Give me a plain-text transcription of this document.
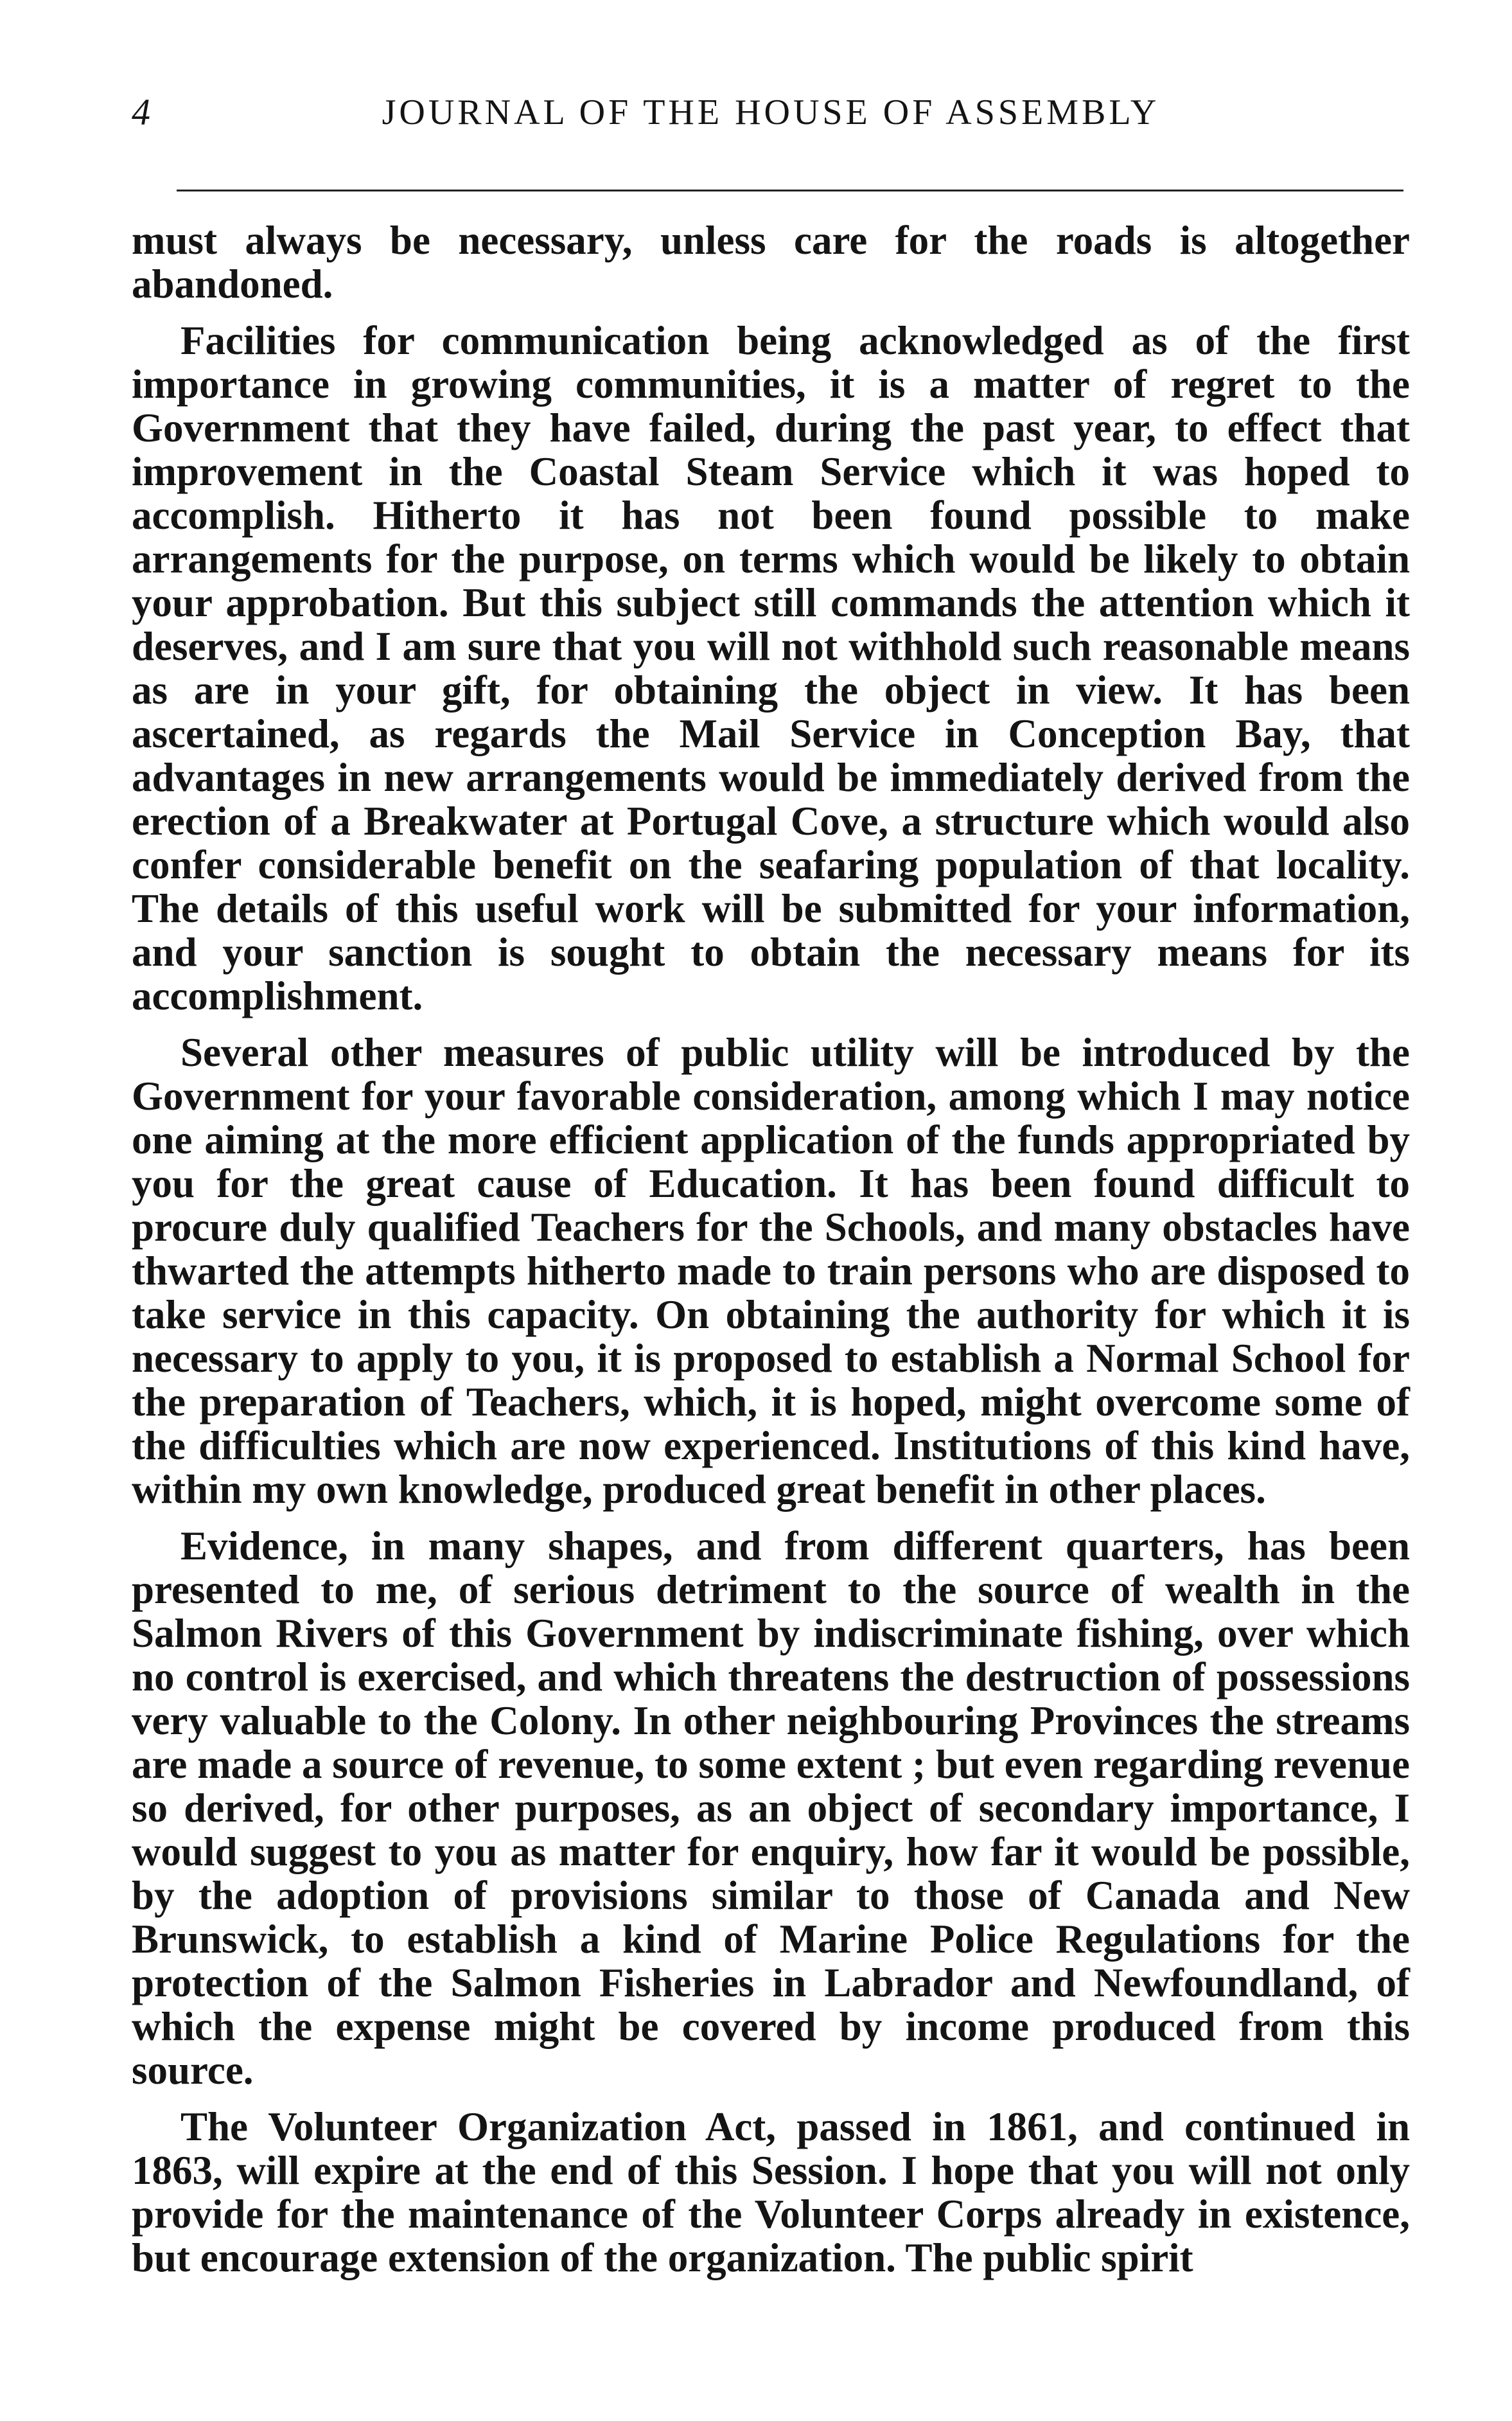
4	JOURNAL OF THE HOUSE OF ASSEMBLY

must always be necessary, unless care for the roads is altogether abandoned.

Facilities for communication being acknowledged as of the first importance in growing communities, it is a matter of regret to the Government that they have failed, during the past year, to effect that improvement in the Coastal Steam Service which it was hoped to accomplish. Hitherto it has not been found possible to make arrangements for the purpose, on terms which would be likely to obtain your approbation. But this subject still commands the attention which it deserves, and I am sure that you will not withhold such reasonable means as are in your gift, for obtaining the object in view. It has been ascertained, as regards the Mail Service in Conception Bay, that advantages in new arrangements would be immediately derived from the erection of a Breakwater at Portugal Cove, a structure which would also confer considerable benefit on the seafaring population of that locality. The details of this useful work will be submitted for your information, and your sanction is sought to obtain the necessary means for its accomplishment.

Several other measures of public utility will be introduced by the Government for your favorable consideration, among which I may notice one aiming at the more efficient application of the funds appropriated by you for the great cause of Education. It has been found difficult to procure duly qualified Teachers for the Schools, and many obstacles have thwarted the attempts hitherto made to train persons who are disposed to take service in this capacity. On obtaining the authority for which it is necessary to apply to you, it is proposed to establish a Normal School for the preparation of Teachers, which, it is hoped, might overcome some of the difficulties which are now experienced. Institutions of this kind have, within my own knowledge, produced great benefit in other places.

Evidence, in many shapes, and from different quarters, has been presented to me, of serious detriment to the source of wealth in the Salmon Rivers of this Government by indiscriminate fishing, over which no control is exercised, and which threatens the destruction of possessions very valuable to the Colony. In other neighbouring Provinces the streams are made a source of revenue, to some extent ; but even regarding revenue so derived, for other purposes, as an object of secondary importance, I would suggest to you as matter for enquiry, how far it would be possible, by the adoption of provisions similar to those of Canada and New Brunswick, to establish a kind of Marine Police Regulations for the protection of the Salmon Fisheries in Labrador and Newfoundland, of which the expense might be covered by income produced from this source.

The Volunteer Organization Act, passed in 1861, and continued in 1863, will expire at the end of this Session. I hope that you will not only provide for the maintenance of the Volunteer Corps already in existence, but encourage extension of the organization. The public spirit
